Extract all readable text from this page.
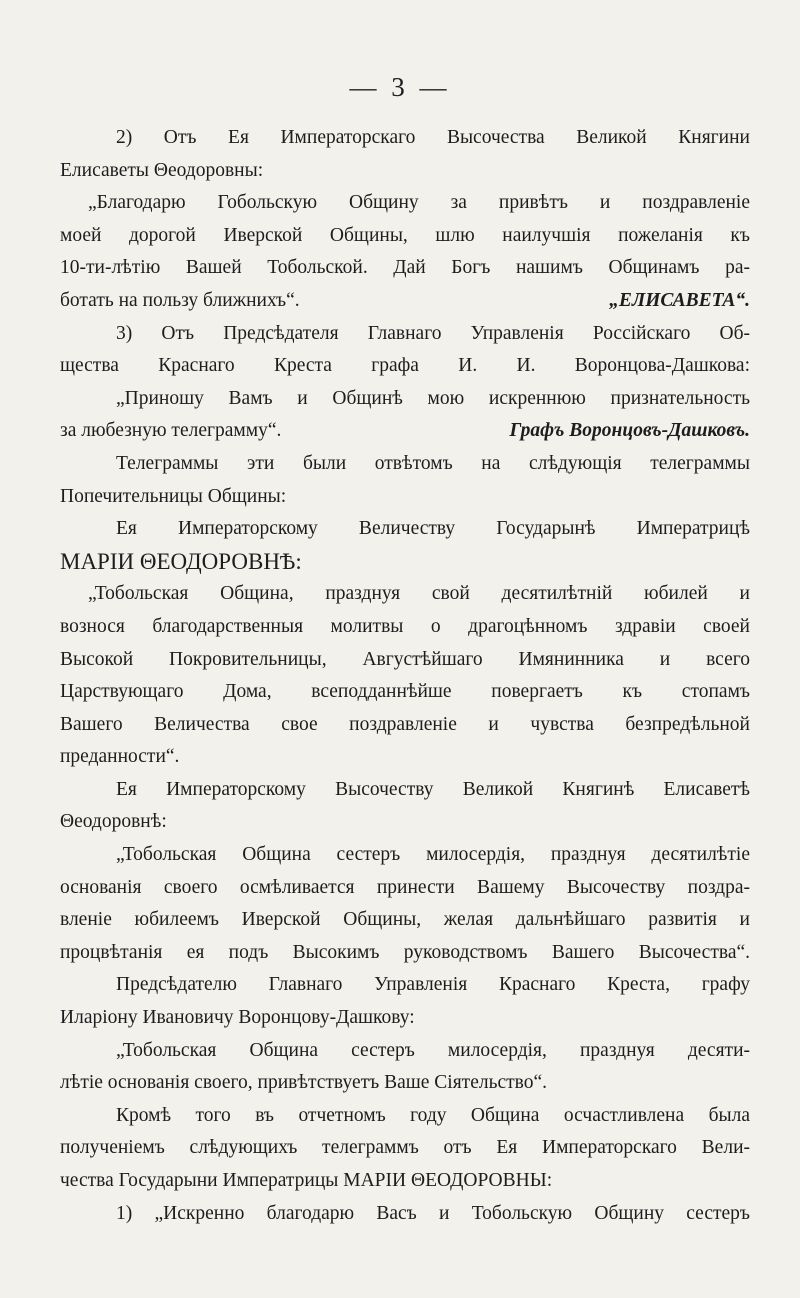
— 3 —
2) Отъ Ея Императорскаго Высочества Великой Княгини
Елисаветы Θеодоровны:
„Благодарю Гобольскую Общину за привѣтъ и поздравленіе
моей дорогой Иверской Общины, шлю наилучшія пожеланія къ
10-ти-лѣтію Вашей Тобольской. Дай Богъ нашимъ Общинамъ ра-
ботать на пользу ближнихъ“.	„ЕЛИСАВЕТА“.
3) Отъ Предсѣдателя Главнаго Управленія Россійскаго Об-
щества Краснаго Креста графа И. И. Воронцова-Дашкова:
„Приношу Вамъ и Общинѣ мою искреннюю признательность
за любезную телеграмму“.	Графъ Воронцовъ-Дашковъ.
Телеграммы эти были отвѣтомъ на слѣдующія телеграммы
Попечительницы Общины:
Ея Императорскому Величеству Государынѣ Императрицѣ
МАРІИ ΘЕОДОРОВНѢ:
„Тобольская Община, празднуя свой десятилѣтній юбилей и
вознося благодарственныя молитвы о драгоцѣнномъ здравіи своей
Высокой Покровительницы, Августѣйшаго Имянинника и всего
Царствующаго Дома, всеподданнѣйше повергаетъ къ стопамъ
Вашего Величества свое поздравленіе и чувства безпредѣльной
преданности“.
Ея Императорскому Высочеству Великой Княгинѣ Елисаветѣ
Θеодоровнѣ:
„Тобольская Община сестеръ милосердія, празднуя десятилѣтіе
основанія своего осмѣливается принести Вашему Высочеству поздра-
вленіе юбилеемъ Иверской Общины, желая дальнѣйшаго развитія и
процвѣтанія ея подъ Высокимъ руководствомъ Вашего Высочества“.
Предсѣдателю Главнаго Управленія Краснаго Креста, графу
Иларіону Ивановичу Воронцову-Дашкову:
„Тобольская Община сестеръ милосердія, празднуя десяти-
лѣтіе основанія своего, привѣтствуетъ Ваше Сіятельство“.
Кромѣ того въ отчетномъ году Община осчастливлена была
полученіемъ слѣдующихъ телеграммъ отъ Ея Императорскаго Вели-
чества Государыни Императрицы МАРІИ ΘЕОДОРОВНЫ:
1) „Искренно благодарю Васъ и Тобольскую Общину сестеръ
